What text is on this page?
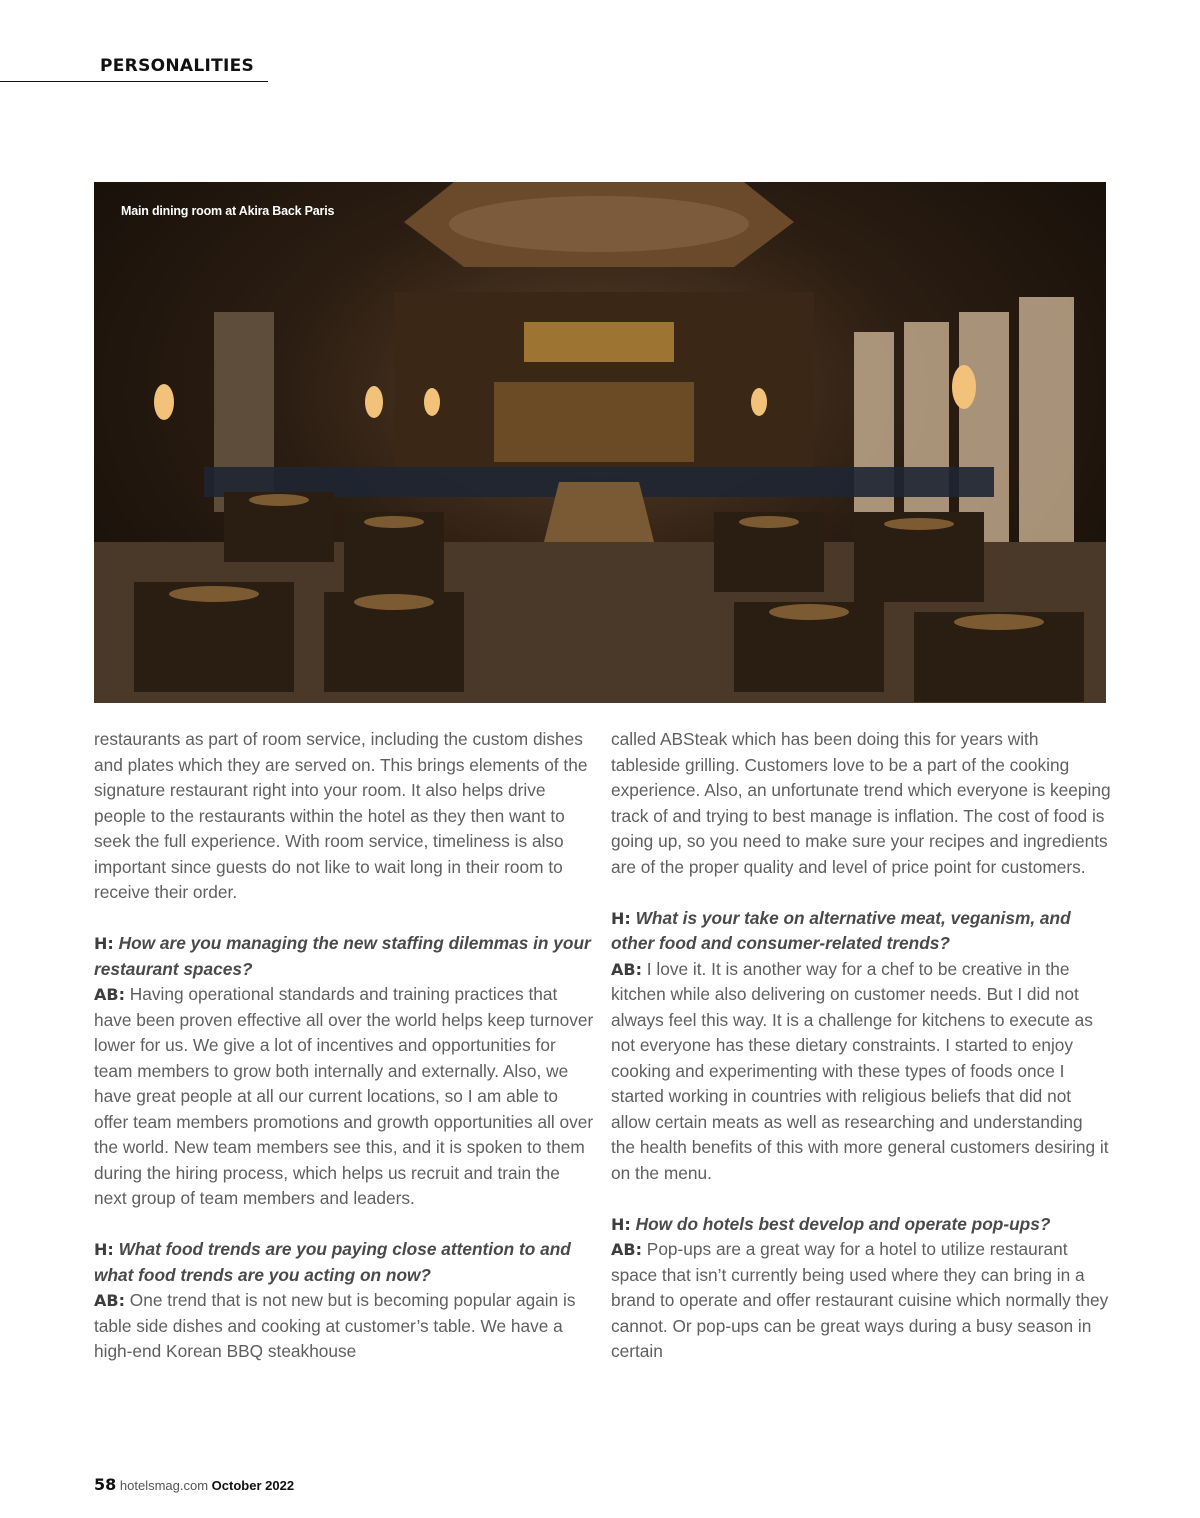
PERSONALITIES
Main dining room at Akira Back Paris

restaurants as part of room service, including the custom dishes and plates which they are served on. This brings elements of the signature restaurant right into your room. It also helps drive people to the restaurants within the hotel as they then want to seek the full experience. With room service, timeliness is also important since guests do not like to wait long in their room to receive their order.

H: How are you managing the new staffing dilemmas in your restaurant spaces?
AB: Having operational standards and training practices that have been proven effective all over the world helps keep turnover lower for us. We give a lot of incentives and opportunities for team members to grow both internally and externally. Also, we have great people at all our current locations, so I am able to offer team members promotions and growth opportunities all over the world. New team members see this, and it is spoken to them during the hiring process, which helps us recruit and train the next group of team members and leaders.

H: What food trends are you paying close attention to and what food trends are you acting on now?
AB: One trend that is not new but is becoming popular again is table side dishes and cooking at customer’s table. We have a high-end Korean BBQ steakhouse

called ABSteak which has been doing this for years with tableside grilling. Customers love to be a part of the cooking experience. Also, an unfortunate trend which everyone is keeping track of and trying to best manage is inflation. The cost of food is going up, so you need to make sure your recipes and ingredients are of the proper quality and level of price point for customers.

H: What is your take on alternative meat, veganism, and other food and consumer-related trends?
AB: I love it. It is another way for a chef to be creative in the kitchen while also delivering on customer needs. But I did not always feel this way. It is a challenge for kitchens to execute as not everyone has these dietary constraints. I started to enjoy cooking and experimenting with these types of foods once I started working in countries with religious beliefs that did not allow certain meats as well as researching and understanding the health benefits of this with more general customers desiring it on the menu.

H: How do hotels best develop and operate pop-ups?
AB: Pop-ups are a great way for a hotel to utilize restaurant space that isn’t currently being used where they can bring in a brand to operate and offer restaurant cuisine which normally they cannot. Or pop-ups can be great ways during a busy season in certain

58 hotelsmag.com October 2022
